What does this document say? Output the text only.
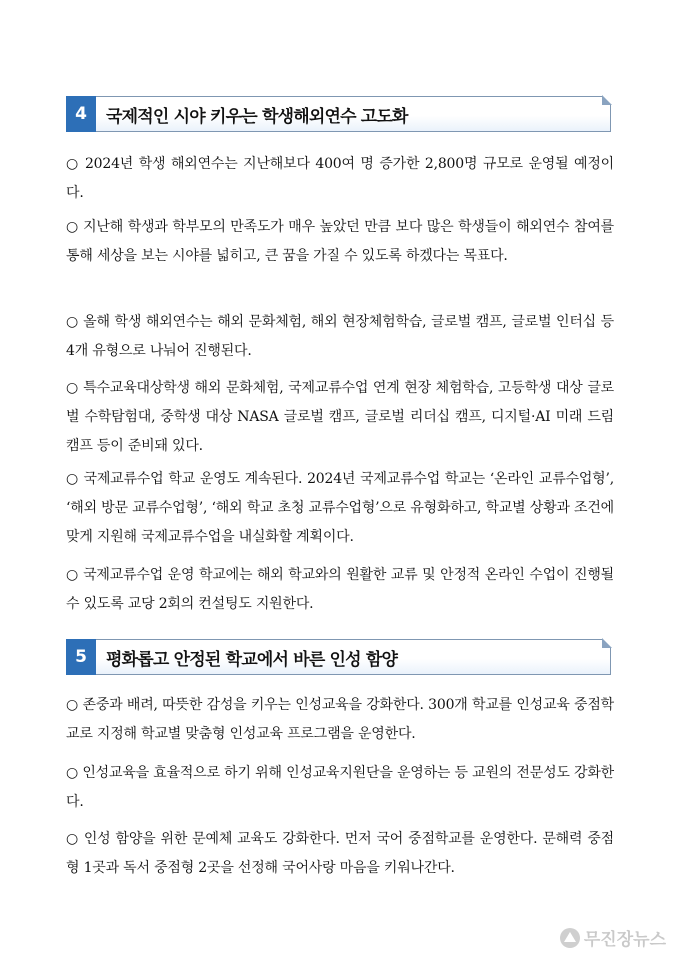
4	국제적인 시야 키우는 학생해외연수 고도화
○ 2024년 학생 해외연수는 지난해보다 400여 명 증가한 2,800명 규모로 운영될 예정이다.
○ 지난해 학생과 학부모의 만족도가 매우 높았던 만큼 보다 많은 학생들이 해외연수 참여를 통해 세상을 보는 시야를 넓히고, 큰 꿈을 가질 수 있도록 하겠다는 목표다.
○ 올해 학생 해외연수는 해외 문화체험, 해외 현장체험학습, 글로벌 캠프, 글로벌 인터십 등 4개 유형으로 나눠어 진행된다.
○ 특수교육대상학생 해외 문화체험, 국제교류수업 연계 현장 체험학습, 고등학생 대상 글로벌 수학탐험대, 중학생 대상 NASA 글로벌 캠프, 글로벌 리더십 캠프, 디지털·AI 미래 드림 캠프 등이 준비돼 있다.
○ 국제교류수업 학교 운영도 계속된다. 2024년 국제교류수업 학교는 ‘온라인 교류수업형’, ‘해외 방문 교류수업형’, ‘해외 학교 초청 교류수업형’으로 유형화하고, 학교별 상황과 조건에 맞게 지원해 국제교류수업을 내실화할 계획이다.
○ 국제교류수업 운영 학교에는 해외 학교와의 원활한 교류 및 안정적 온라인 수업이 진행될 수 있도록 교당 2회의 컨설팅도 지원한다.
5	평화롭고 안정된 학교에서 바른 인성 함양
○ 존중과 배려, 따뜻한 감성을 키우는 인성교육을 강화한다. 300개 학교를 인성교육 중점학교로 지정해 학교별 맞춤형 인성교육 프로그램을 운영한다.
○ 인성교육을 효율적으로 하기 위해 인성교육지원단을 운영하는 등 교원의 전문성도 강화한다.
○ 인성 함양을 위한 문예체 교육도 강화한다. 먼저 국어 중점학교를 운영한다. 문해력 중점형 1곳과 독서 중점형 2곳을 선정해 국어사랑 마음을 키워나간다.
무진장뉴스
